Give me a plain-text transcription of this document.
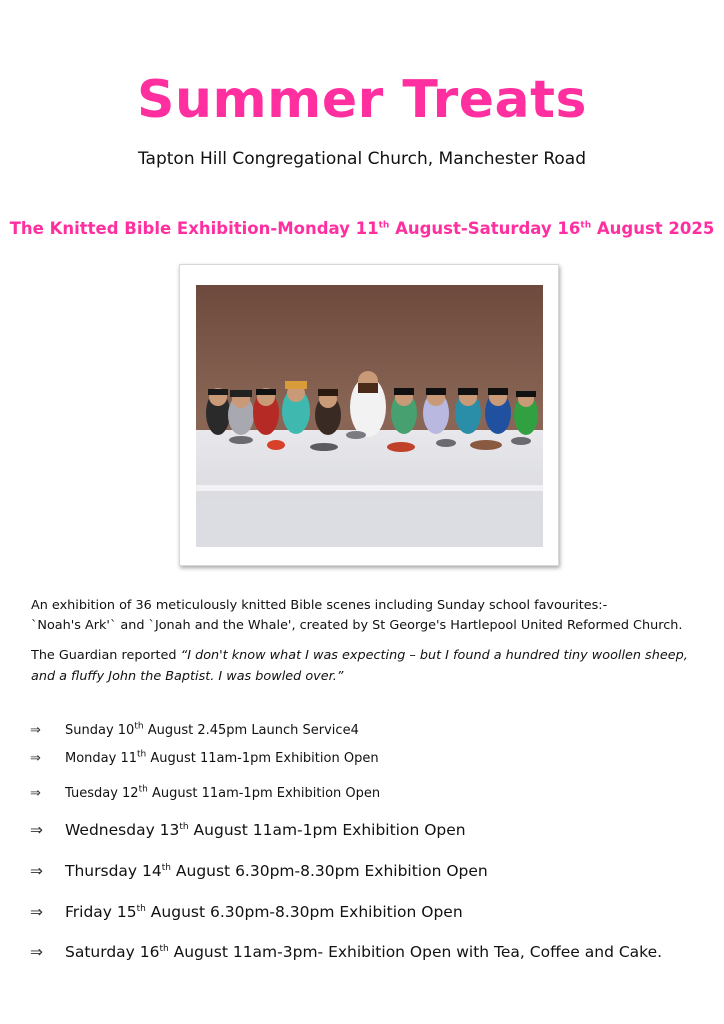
Summer Treats
Tapton Hill Congregational Church, Manchester Road
The Knitted Bible Exhibition-Monday 11th August-Saturday 16th August 2025
An exhibition of 36 meticulously knitted Bible scenes including Sunday school favourites:-
`Noah's Ark'` and `Jonah and the Whale', created by St George's Hartlepool United Reformed Church.
The Guardian reported “I don't know what I was expecting – but I found a hundred tiny woollen sheep, and a fluffy John the Baptist. I was bowled over.”
⇒ Sunday 10th August 2.45pm Launch Service4
⇒ Monday 11th August 11am-1pm Exhibition Open
⇒ Tuesday 12th August 11am-1pm Exhibition Open
⇒ Wednesday 13th August 11am-1pm Exhibition Open
⇒ Thursday 14th August 6.30pm-8.30pm Exhibition Open
⇒ Friday 15th August 6.30pm-8.30pm Exhibition Open
⇒ Saturday 16th August 11am-3pm- Exhibition Open with Tea, Coffee and Cake.
